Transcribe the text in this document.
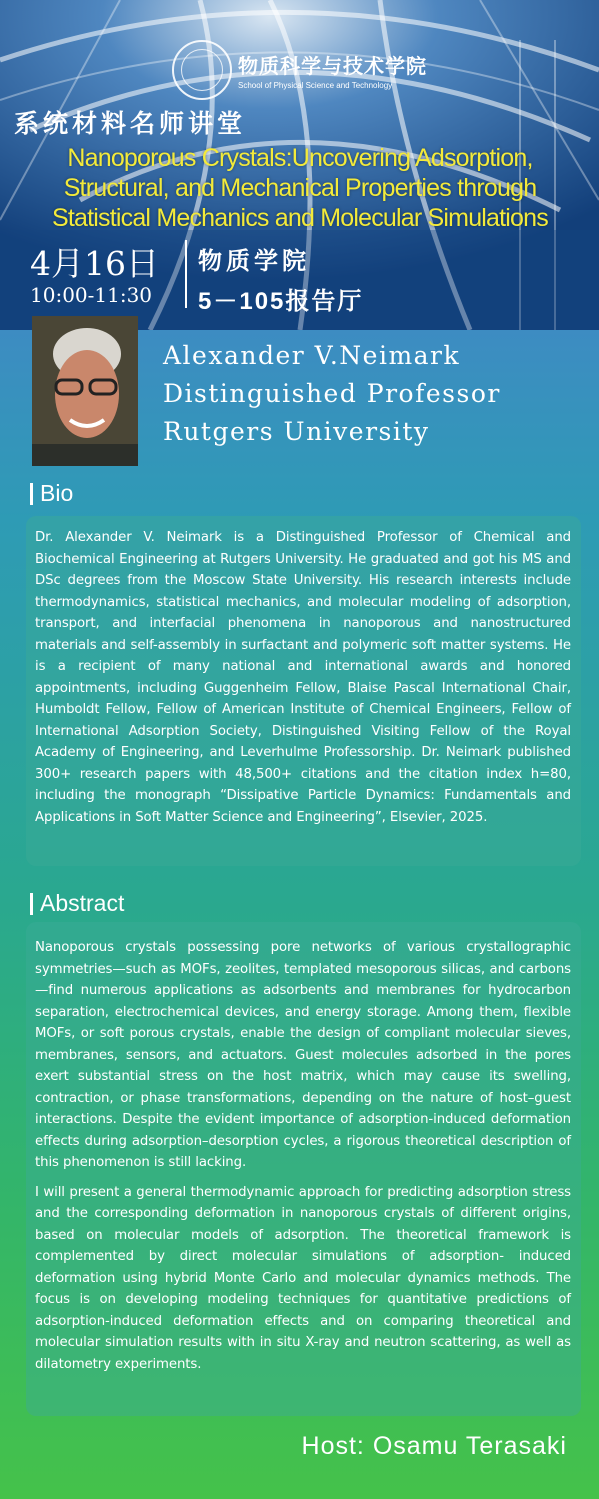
物质科学与技术学院
School of Physical Science and Technology
系统材料名师讲堂
Nanoporous Crystals:Uncovering Adsorption, Structural, and Mechanical Properties through Statistical Mechanics and Molecular Simulations
4月16日
10:00-11:30
物质学院
5－105报告厅
Alexander V.Neimark
Distinguished Professor
Rutgers University
Bio

Dr. Alexander V. Neimark is a Distinguished Professor of Chemical and Biochemical Engineering at Rutgers University. He graduated and got his MS and DSc degrees from the Moscow State University. His research interests include thermodynamics, statistical mechanics, and molecular modeling of adsorption, transport, and interfacial phenomena in nanoporous and nanostructured materials and self-assembly in surfactant and polymeric soft matter systems. He is a recipient of many national and international awards and honored appointments, including Guggenheim Fellow, Blaise Pascal International Chair, Humboldt Fellow, Fellow of American Institute of Chemical Engineers, Fellow of International Adsorption Society, Distinguished Visiting Fellow of the Royal Academy of Engineering, and Leverhulme Professorship. Dr. Neimark published 300+ research papers with 48,500+ citations and the citation index h=80, including the monograph “Dissipative Particle Dynamics: Fundamentals and Applications in Soft Matter Science and Engineering”, Elsevier, 2025.

Abstract

Nanoporous crystals possessing pore networks of various crystallographic symmetries—such as MOFs, zeolites, templated mesoporous silicas, and carbons—find numerous applications as adsorbents and membranes for hydrocarbon separation, electrochemical devices, and energy storage. Among them, flexible MOFs, or soft porous crystals, enable the design of compliant molecular sieves, membranes, sensors, and actuators. Guest molecules adsorbed in the pores exert substantial stress on the host matrix, which may cause its swelling, contraction, or phase transformations, depending on the nature of host–guest interactions. Despite the evident importance of adsorption-induced deformation effects during adsorption–desorption cycles, a rigorous theoretical description of this phenomenon is still lacking.

I will present a general thermodynamic approach for predicting adsorption stress and the corresponding deformation in nanoporous crystals of different origins, based on molecular models of adsorption. The theoretical framework is complemented by direct molecular simulations of adsorption- induced deformation using hybrid Monte Carlo and molecular dynamics methods. The focus is on developing modeling techniques for quantitative predictions of adsorption-induced deformation effects and on comparing theoretical and molecular simulation results with in situ X-ray and neutron scattering, as well as dilatometry experiments.

Host: Osamu Terasaki
